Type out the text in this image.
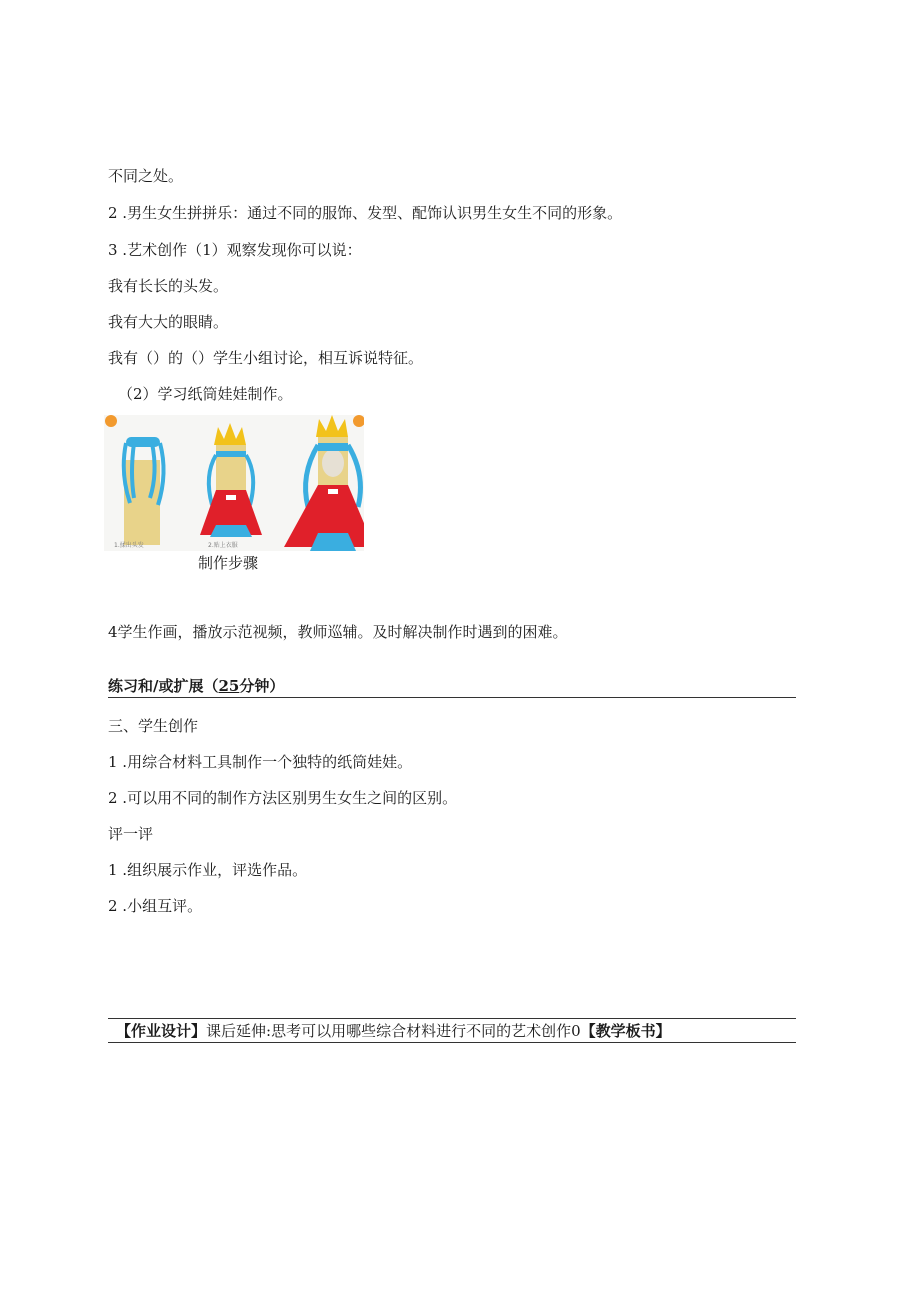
不同之处。
2 .男生女生拼拼乐：通过不同的服饰、发型、配饰认识男生女生不同的形象。
3 .艺术创作（1）观察发现你可以说：
我有长长的头发。
我有大大的眼睛。
我有（）的（）学生小组讨论，相互诉说特征。
（2）学习纸筒娃娃制作。
1.揉出头发	2.贴上衣服
制作步骤
4学生作画，播放示范视频，教师巡辅。及时解决制作时遇到的困难。
练习和/或扩展（25分钟）
三、学生创作
1 .用综合材料工具制作一个独特的纸筒娃娃。
2 .可以用不同的制作方法区别男生女生之间的区别。
评一评
1 .组织展示作业，评选作品。
2 .小组互评。
【作业设计】课后延伸:思考可以用哪些综合材料进行不同的艺术创作0【教学板书】
